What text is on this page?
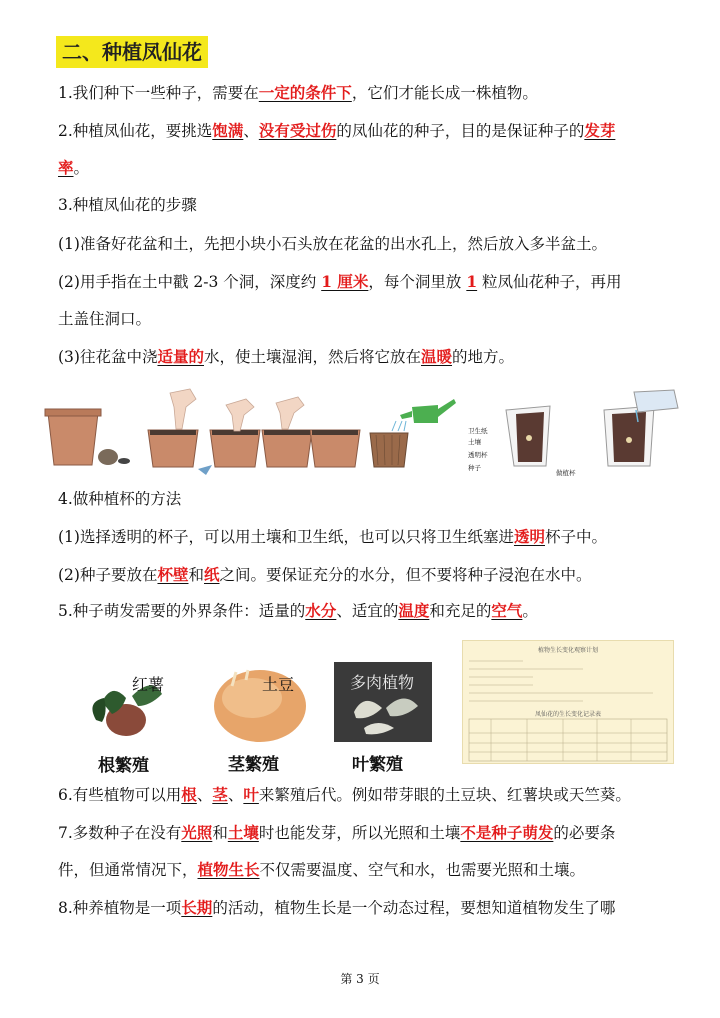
二、种植凤仙花
1.我们种下一些种子，需要在一定的条件下，它们才能长成一株植物。
2.种植凤仙花，要挑选饱满、没有受过伤的凤仙花的种子，目的是保证种子的发芽
率。
3.种植凤仙花的步骤
(1)准备好花盆和土，先把小块小石头放在花盆的出水孔上，然后放入多半盆土。
(2)用手指在土中戳 2-3 个洞，深度约 1 厘米，每个洞里放 1 粒凤仙花种子，再用
土盖住洞口。
(3)往花盆中浇适量的水，使土壤湿润，然后将它放在温暖的地方。
卫生纸
土壤
透明杯
种子
做植杯
4.做种植杯的方法
(1)选择透明的杯子，可以用土壤和卫生纸，也可以只将卫生纸塞进透明杯子中。
(2)种子要放在杯壁和纸之间。要保证充分的水分，但不要将种子浸泡在水中。
5.种子萌发需要的外界条件：适量的水分、适宜的温度和充足的空气。
红薯	土豆	多肉植物
根繁殖	茎繁殖	叶繁殖
植物生长变化观察计划
凤仙花的生长变化记录表
6.有些植物可以用根、茎、叶来繁殖后代。例如带芽眼的土豆块、红薯块或天竺葵。
7.多数种子在没有光照和土壤时也能发芽，所以光照和土壤不是种子萌发的必要条
件，但通常情况下，植物生长不仅需要温度、空气和水，也需要光照和土壤。
8.种养植物是一项长期的活动，植物生长是一个动态过程，要想知道植物发生了哪
第 3 页
